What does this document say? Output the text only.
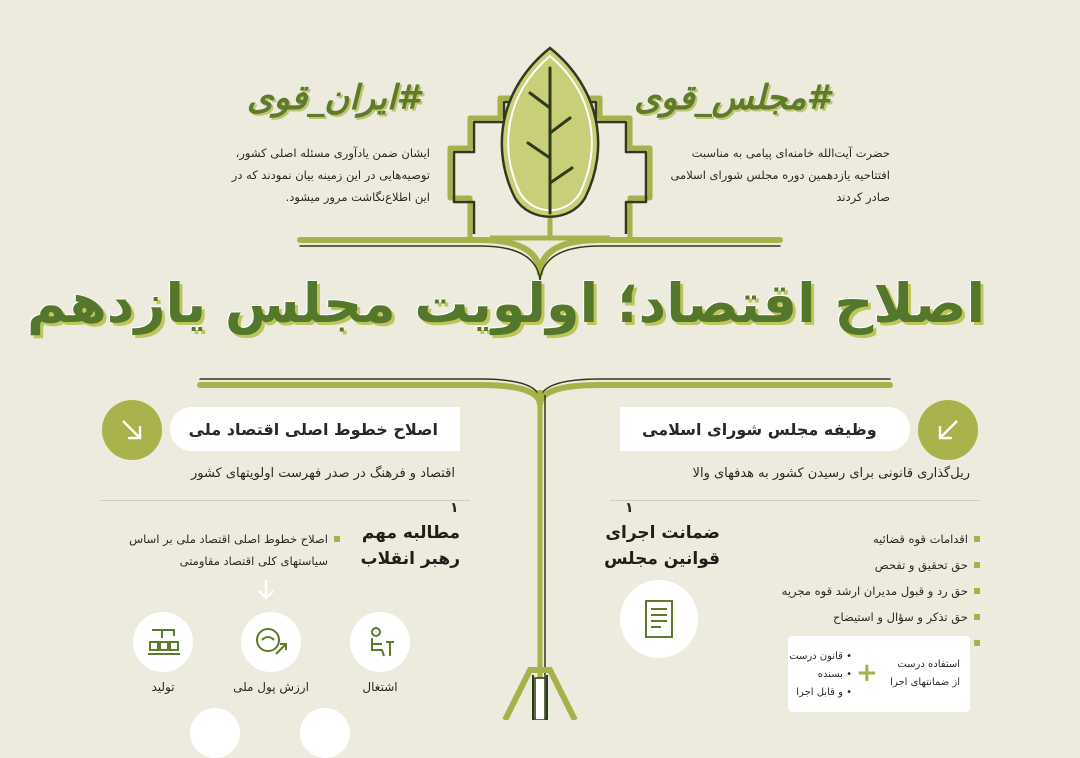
#مجلس_قوی
#ایران_قوی
حضرت آیت‌الله خامنه‌ای پیامی به مناسبت
افتتاحیه یازدهمین دوره مجلس شورای اسلامی
صادر کردند
ایشان ضمن یادآوری مسئله اصلی کشور،
توصیه‌هایی در این زمینه بیان نمودند که در
این اطلاع‌نگاشت مرور میشود.
اصلاح اقتصاد؛ اولویت مجلس یازدهم
وظیفه مجلس شورای اسلامی
ریل‌گذاری قانونی برای رسیدن کشور به هدفهای والا
۱
ضمانت اجرای
قوانین مجلس
اقدامات قوه قضائیه
حق تحقیق و تفحص
حق رد و قبول مدیران ارشد قوه مجریه
حق تذکر و سؤال و استیضاح
استفاده درست
از ضمانتهای اجرا
+
• قانون درست
• بسنده
• و قابل اجرا
اصلاح خطوط اصلی اقتصاد ملی
اقتصاد و فرهنگ در صدر فهرست اولویتهای کشور
۱
مطالبه مهم
رهبر انقلاب
اصلاح خطوط اصلی اقتصاد ملی بر اساس
سیاستهای کلی اقتصاد مقاومتی
اشتغال
ارزش پول ملی
تولید
